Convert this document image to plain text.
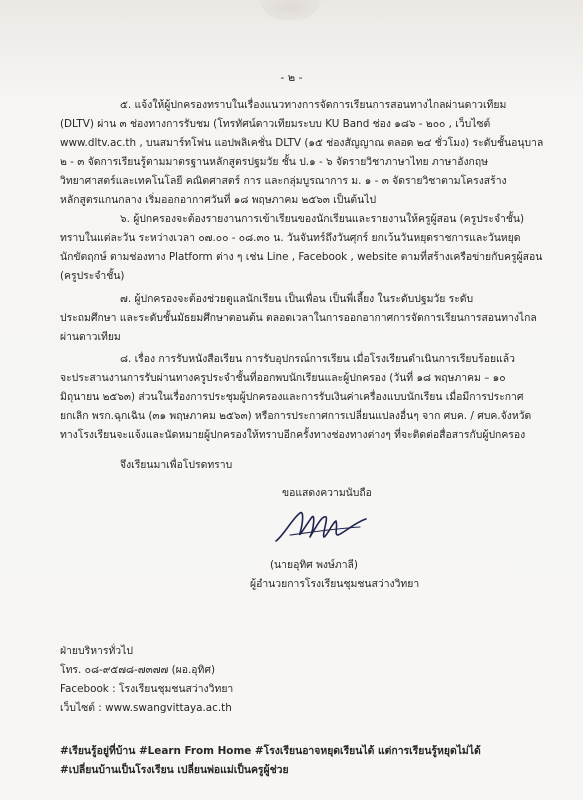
- ๒ -
๕. แจ้งให้ผู้ปกครองทราบในเรื่องแนวทางการจัดการเรียนการสอนทางไกลผ่านดาวเทียม
(DLTV) ผ่าน ๓ ช่องทางการรับชม (โทรทัศน์ดาวเทียมระบบ KU Band ช่อง ๑๘๖ - ๒๐๐ , เว็บไซต์
www.dltv.ac.th , บนสมาร์ทโฟน แอปพลิเคชั่น DLTV (๑๕ ช่องสัญญาณ ตลอด ๒๔ ชั่วโมง) ระดับชั้นอนุบาล
๒ - ๓ จัดการเรียนรู้ตามมาตรฐานหลักสูตรปฐมวัย ชั้น ป.๑ - ๖ จัดรายวิชาภาษาไทย ภาษาอังกฤษ
วิทยาศาสตร์และเทคโนโลยี คณิตศาสตร์ การ และกลุ่มบูรณาการ ม. ๑ - ๓ จัดรายวิชาตามโครงสร้าง
หลักสูตรแกนกลาง เริ่มออกอากาศวันที่ ๑๘ พฤษภาคม ๒๕๖๓ เป็นต้นไป
๖. ผู้ปกครองจะต้องรายงานการเข้าเรียนของนักเรียนและรายงานให้ครูผู้สอน (ครูประจำชั้น)
ทราบในแต่ละวัน ระหว่างเวลา ๐๗.๐๐ - ๐๘.๓๐ น. วันจันทร์ถึงวันศุกร์ ยกเว้นวันหยุดราชการและวันหยุด
นักขัตฤกษ์ ตามช่องทาง Platform ต่าง ๆ เช่น Line , Facebook , website ตามที่สร้างเครือข่ายกับครูผู้สอน
(ครูประจำชั้น)
๗. ผู้ปกครองจะต้องช่วยดูแลนักเรียน เป็นเพื่อน เป็นพี่เลี้ยง ในระดับปฐมวัย ระดับ
ประถมศึกษา และระดับชั้นมัธยมศึกษาตอนต้น ตลอดเวลาในการออกอากาศการจัดการเรียนการสอนทางไกล
ผ่านดาวเทียม
๘. เรื่อง การรับหนังสือเรียน การรับอุปกรณ์การเรียน เมื่อโรงเรียนดำเนินการเรียบร้อยแล้ว
จะประสานงานการรับผ่านทางครูประจำชั้นที่ออกพบนักเรียนและผู้ปกครอง (วันที่ ๑๘ พฤษภาคม – ๑๐
มิถุนายน ๒๕๖๓) ส่วนในเรื่องการประชุมผู้ปกครองและการรับเงินค่าเครื่องแบบนักเรียน เมื่อมีการประกาศ
ยกเลิก พรก.ฉุกเฉิน (๓๑ พฤษภาคม ๒๕๖๓) หรือการประกาศการเปลี่ยนแปลงอื่นๆ จาก ศบค. / ศบค.จังหวัด
ทางโรงเรียนจะแจ้งและนัดหมายผู้ปกครองให้ทราบอีกครั้งทางช่องทางต่างๆ ที่จะติดต่อสื่อสารกับผู้ปกครอง
จึงเรียนมาเพื่อโปรดทราบ
ขอแสดงความนับถือ
(นายอุทิศ พงษ์ภาลี)
ผู้อำนวยการโรงเรียนชุมชนสว่างวิทยา
ฝ่ายบริหารทั่วไป
โทร. ๐๘-๙๕๗๘-๗๓๗๗ (ผอ.อุทิศ)
Facebook : โรงเรียนชุมชนสว่างวิทยา
เว็บไซต์ : www.swangvittaya.ac.th
#เรียนรู้อยู่ที่บ้าน #Learn From Home #โรงเรียนอาจหยุดเรียนได้ แต่การเรียนรู้หยุดไม่ได้
#เปลี่ยนบ้านเป็นโรงเรียน เปลี่ยนพ่อแม่เป็นครูผู้ช่วย
